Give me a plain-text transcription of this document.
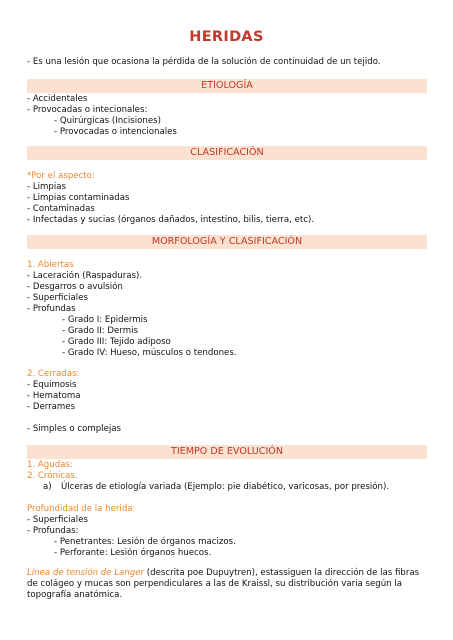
HERIDAS
- Es una lesión que ocasiona la pérdida de la solución de continuidad de un tejido.
ETIOLOGÍA
- Accidentales
- Provocadas o intecionales:
- Quirúrgicas (Incisiones)
- Provocadas o intencionales
CLASIFICACIÓN
*Por el aspecto:
- Limpias
- Limpias contaminadas
- Contaminadas
- Infectadas y sucias (órganos dañados, intestino, bilis, tierra, etc).
MORFOLOGÍA Y CLASIFICACIÓN
1. Abiertas
- Laceración (Raspaduras).
- Desgarros o avulsión
- Superficiales
- Profundas
- Grado I: Epidermis
- Grado II: Dermis
- Grado III: Tejido adiposo
- Grado IV: Hueso, músculos o tendones.
2. Cerradas:
- Equimosis
- Hematoma
- Derrames
- Simples o complejas
TIEMPO DE EVOLUCIÓN
1. Agudas:
2. Crónicas.
a) Úlceras de etiología variada (Ejemplo: pie diabético, varicosas, por presión).
Profundidad de la herida:
- Superficiales
- Profundas:
- Penetrantes: Lesión de órganos macizos.
- Perforante: Lesión órganos huecos.
Línea de tensión de Langer (descrita poe Dupuytren), estassiguen la dirección de las fibras de colágeo y mucas son perpendiculares a las de Kraissl, su distribución varia según la topografía anatómica.
